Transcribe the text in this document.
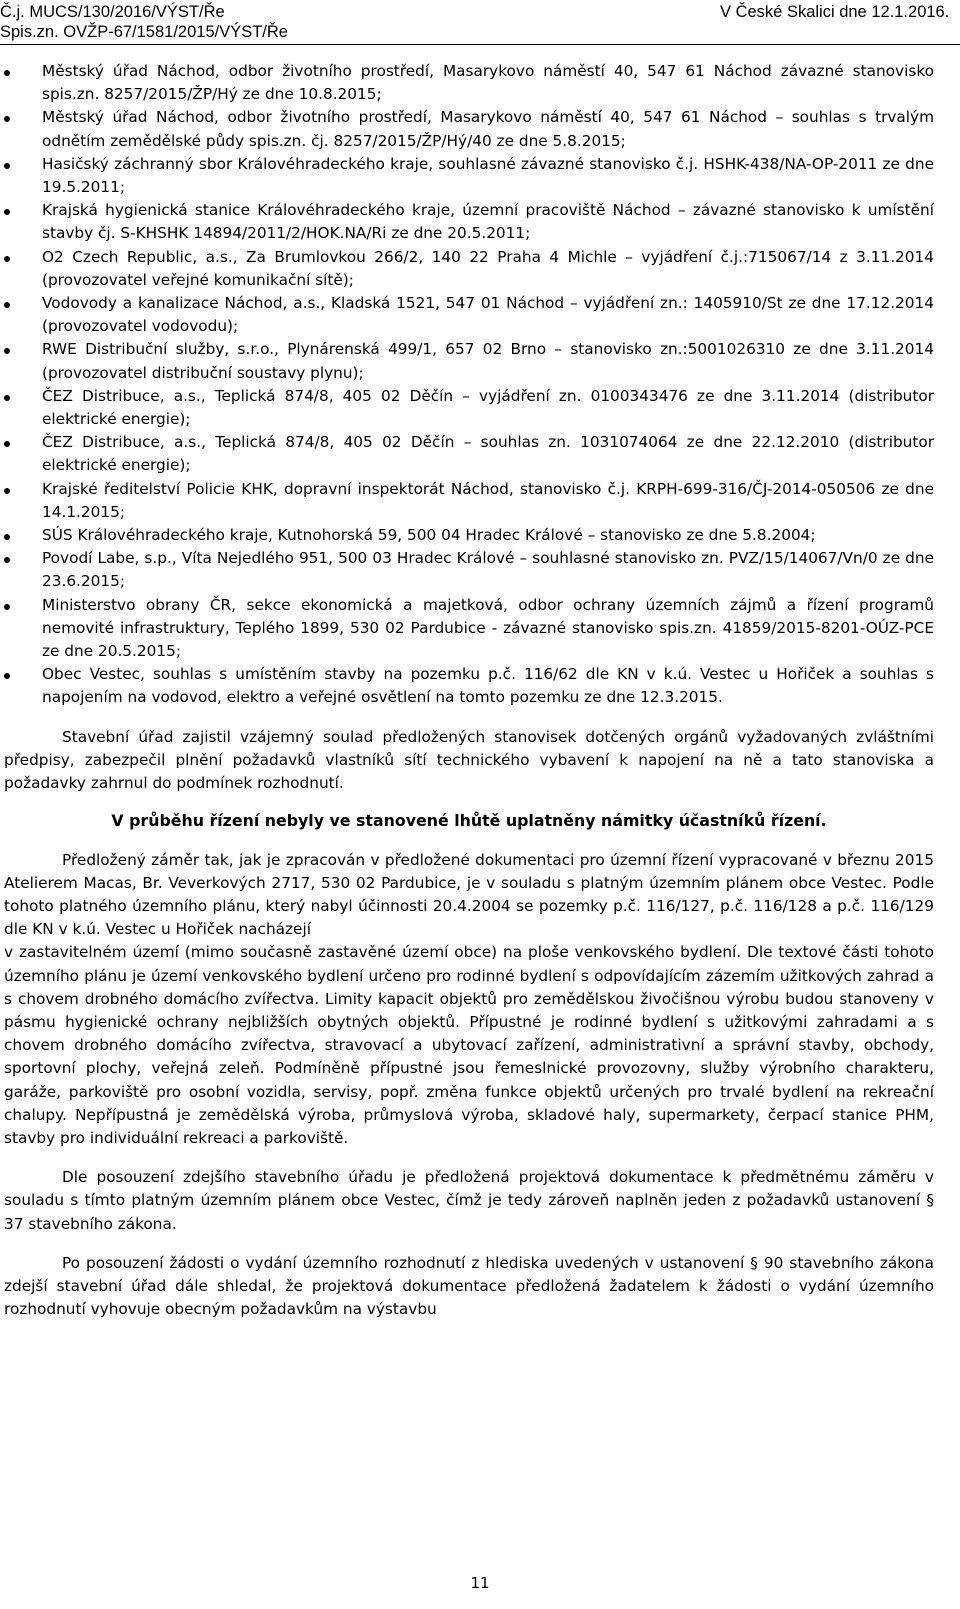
Č.j. MUCS/130/2016/VÝST/Ře
Spis.zn. OVŽP-67/1581/2015/VÝST/Ře
V České Skalici dne 12.1.2016.
Městský úřad Náchod, odbor životního prostředí, Masarykovo náměstí 40, 547 61 Náchod závazné stanovisko spis.zn. 8257/2015/ŽP/Hý ze dne 10.8.2015;
Městský úřad Náchod, odbor životního prostředí, Masarykovo náměstí 40, 547 61 Náchod – souhlas s trvalým odnětím zemědělské půdy spis.zn. čj. 8257/2015/ŽP/Hý/40 ze dne 5.8.2015;
Hasičský záchranný sbor Královéhradeckého kraje, souhlasné závazné stanovisko č.j. HSHK-438/NA-OP-2011 ze dne 19.5.2011;
Krajská hygienická stanice Královéhradeckého kraje, územní pracoviště Náchod – závazné stanovisko k umístění stavby čj. S-KHSHK 14894/2011/2/HOK.NA/Ri ze dne 20.5.2011;
O2 Czech Republic, a.s., Za Brumlovkou 266/2, 140 22 Praha 4 Michle – vyjádření č.j.:715067/14 z 3.11.2014 (provozovatel veřejné komunikační sítě);
Vodovody a kanalizace Náchod, a.s., Kladská 1521, 547 01 Náchod – vyjádření zn.: 1405910/St ze dne 17.12.2014 (provozovatel vodovodu);
RWE Distribuční služby, s.r.o., Plynárenská 499/1, 657 02 Brno – stanovisko zn.:5001026310 ze dne 3.11.2014 (provozovatel distribuční soustavy plynu);
ČEZ Distribuce, a.s., Teplická 874/8, 405 02 Děčín – vyjádření zn. 0100343476 ze dne 3.11.2014 (distributor elektrické energie);
ČEZ Distribuce, a.s., Teplická 874/8, 405 02 Děčín – souhlas zn. 1031074064 ze dne 22.12.2010 (distributor elektrické energie);
Krajské ředitelství Policie KHK, dopravní inspektorát Náchod, stanovisko č.j. KRPH-699-316/ČJ-2014-050506 ze dne 14.1.2015;
SÚS Královéhradeckého kraje, Kutnohorská 59, 500 04 Hradec Králové – stanovisko ze dne 5.8.2004;
Povodí Labe, s.p., Víta Nejedlého 951, 500 03 Hradec Králové – souhlasné stanovisko zn. PVZ/15/14067/Vn/0 ze dne 23.6.2015;
Ministerstvo obrany ČR, sekce ekonomická a majetková, odbor ochrany územních zájmů a řízení programů nemovité infrastruktury, Teplého 1899, 530 02 Pardubice - závazné stanovisko spis.zn. 41859/2015-8201-OÚZ-PCE ze dne 20.5.2015;
Obec Vestec, souhlas s umístěním stavby na pozemku p.č. 116/62 dle KN v k.ú. Vestec u Hořiček a souhlas s napojením na vodovod, elektro a veřejné osvětlení na tomto pozemku ze dne 12.3.2015.

Stavební úřad zajistil vzájemný soulad předložených stanovisek dotčených orgánů vyžadovaných zvláštními předpisy, zabezpečil plnění požadavků vlastníků sítí technického vybavení k napojení na ně a tato stanoviska a požadavky zahrnul do podmínek rozhodnutí.

V průběhu řízení nebyly ve stanovené lhůtě uplatněny námitky účastníků řízení.

Předložený záměr tak, jak je zpracován v předložené dokumentaci pro územní řízení vypracované v březnu 2015 Atelierem Macas, Br. Veverkových 2717, 530 02 Pardubice, je v souladu s platným územním plánem obce Vestec. Podle tohoto platného územního plánu, který nabyl účinnosti 20.4.2004 se pozemky p.č. 116/127, p.č. 116/128 a p.č. 116/129 dle KN v k.ú. Vestec u Hořiček nacházejí

v zastavitelném území (mimo současně zastavěné území obce) na ploše venkovského bydlení. Dle textové části tohoto územního plánu je území venkovského bydlení určeno pro rodinné bydlení s odpovídajícím zázemím užitkových zahrad a s chovem drobného domácího zvířectva. Limity kapacit objektů pro zemědělskou živočišnou výrobu budou stanoveny v pásmu hygienické ochrany nejbližších obytných objektů. Přípustné je rodinné bydlení s užitkovými zahradami a s chovem drobného domácího zvířectva, stravovací a ubytovací zařízení, administrativní a správní stavby, obchody, sportovní plochy, veřejná zeleň. Podmíněně přípustné jsou řemeslnické provozovny, služby výrobního charakteru, garáže, parkoviště pro osobní vozidla, servisy, popř. změna funkce objektů určených pro trvalé bydlení na rekreační chalupy. Nepřípustná je zemědělská výroba, průmyslová výroba, skladové haly, supermarkety, čerpací stanice PHM, stavby pro individuální rekreaci a parkoviště.

Dle posouzení zdejšího stavebního úřadu je předložená projektová dokumentace k předmětnému záměru v souladu s tímto platným územním plánem obce Vestec, čímž je tedy zároveň naplněn jeden z požadavků ustanovení § 37 stavebního zákona.

Po posouzení žádosti o vydání územního rozhodnutí z hlediska uvedených v ustanovení § 90 stavebního zákona zdejší stavební úřad dále shledal, že projektová dokumentace předložená žadatelem k žádosti o vydání územního rozhodnutí vyhovuje obecným požadavkům na výstavbu

11
